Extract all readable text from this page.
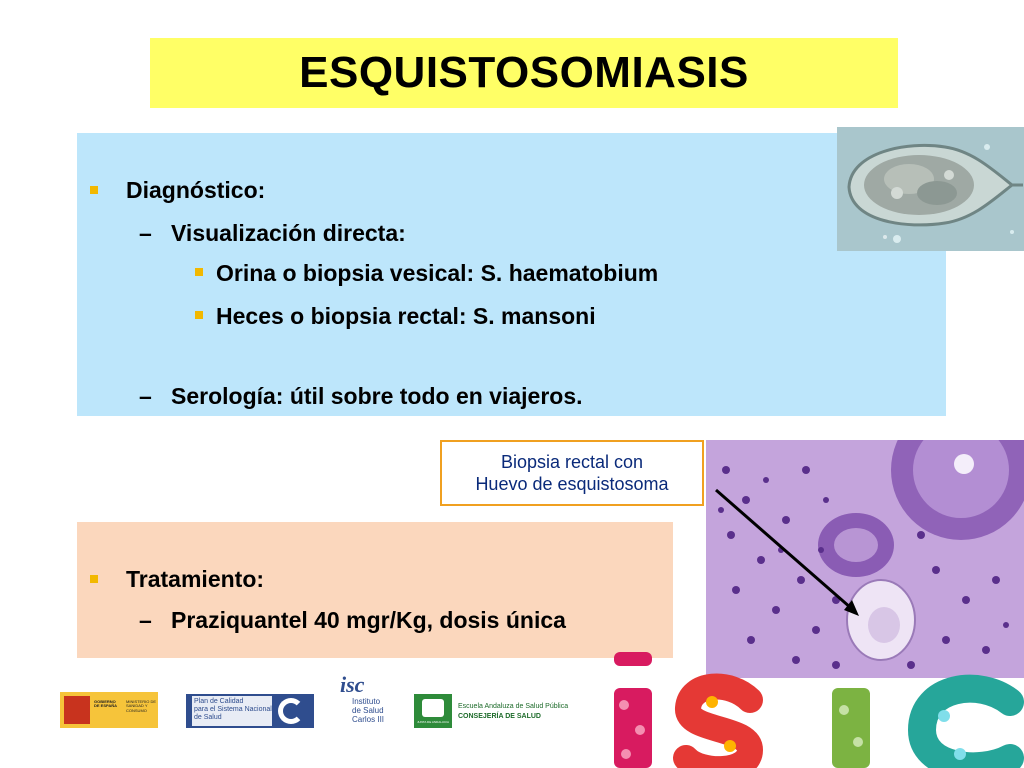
ESQUISTOSOMIASIS
Diagnóstico:
– Visualización directa:
Orina o biopsia vesical: S. haematobium
Heces o biopsia rectal: S. mansoni
– Serología: útil sobre todo en viajeros.
Biopsia rectal con
Huevo de esquistosoma
Tratamiento:
– Praziquantel 40 mgr/Kg, dosis única
GOBIERNO DE ESPAÑA
MINISTERIO DE SANIDAD Y CONSUMO
Plan de Calidad
para el Sistema Nacional
de Salud
isc
Instituto
de Salud
Carlos III	JUNTA DE ANDALUCIA
Escuela Andaluza de Salud Pública
CONSEJERÍA DE SALUD
